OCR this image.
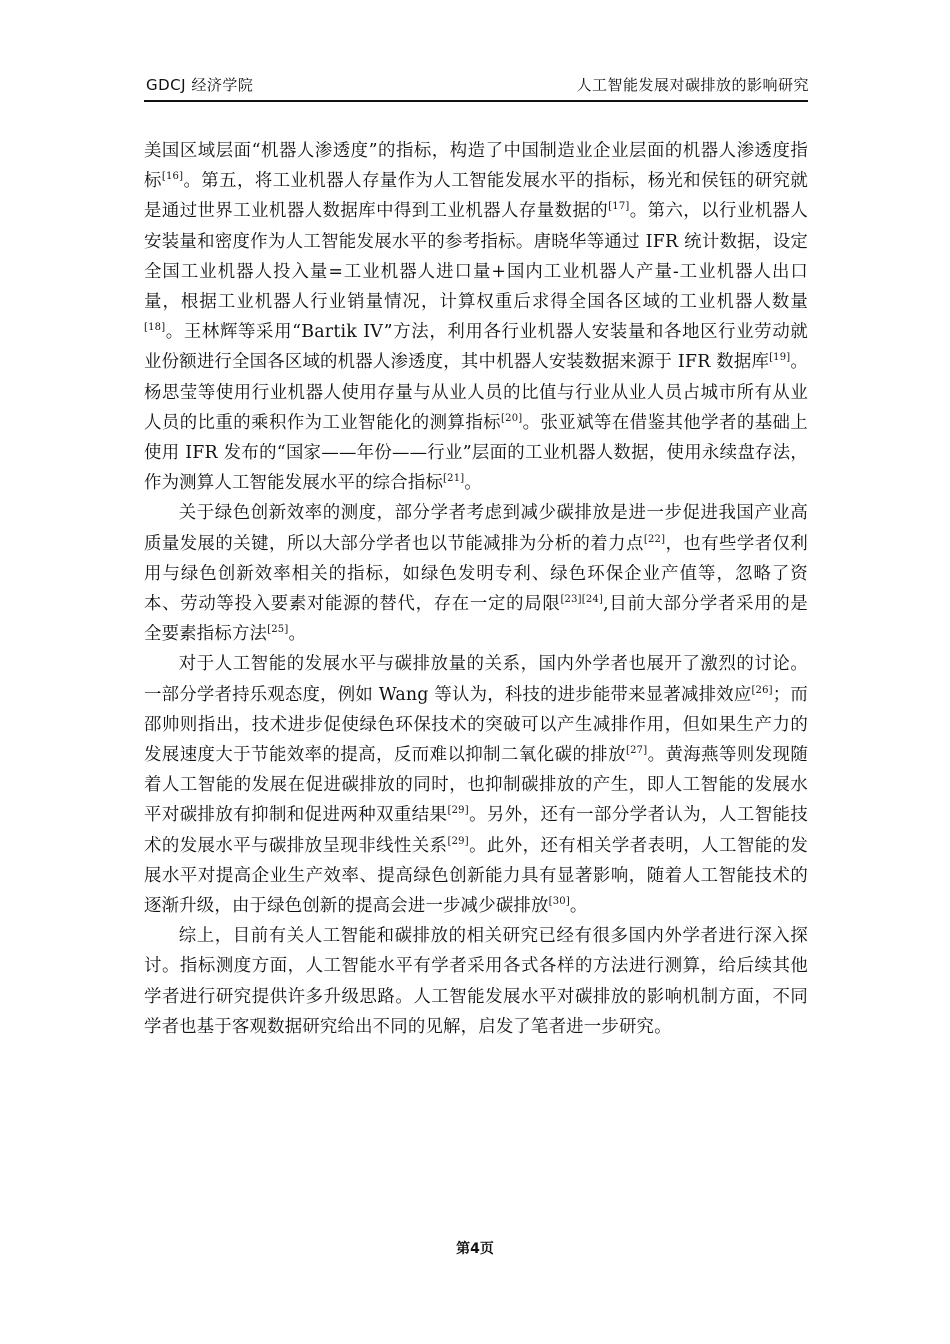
GDCJ 经济学院	人工智能发展对碳排放的影响研究

美国区域层面“机器人渗透度”的指标，构造了中国制造业企业层面的机器人渗透度指标[16]。第五，将工业机器人存量作为人工智能发展水平的指标，杨光和侯钰的研究就是通过世界工业机器人数据库中得到工业机器人存量数据的[17]。第六，以行业机器人安装量和密度作为人工智能发展水平的参考指标。唐晓华等通过 IFR 统计数据，设定全国工业机器人投入量=工业机器人进口量+国内工业机器人产量-工业机器人出口量，根据工业机器人行业销量情况，计算权重后求得全国各区域的工业机器人数量 [18]。王林辉等采用“Bartik IV”方法，利用各行业机器人安装量和各地区行业劳动就业份额进行全国各区域的机器人渗透度，其中机器人安装数据来源于 IFR 数据库[19]。杨思莹等使用行业机器人使用存量与从业人员的比值与行业从业人员占城市所有从业人员的比重的乘积作为工业智能化的测算指标[20]。张亚斌等在借鉴其他学者的基础上使用 IFR 发布的“国家——年份——行业”层面的工业机器人数据，使用永续盘存法，作为测算人工智能发展水平的综合指标[21]。

关于绿色创新效率的测度，部分学者考虑到减少碳排放是进一步促进我国产业高质量发展的关键，所以大部分学者也以节能减排为分析的着力点[22]，也有些学者仅利用与绿色创新效率相关的指标，如绿色发明专利、绿色环保企业产值等，忽略了资本、劳动等投入要素对能源的替代，存在一定的局限[23][24],目前大部分学者采用的是全要素指标方法[25]。

对于人工智能的发展水平与碳排放量的关系，国内外学者也展开了激烈的讨论。一部分学者持乐观态度，例如 Wang 等认为，科技的进步能带来显著减排效应[26]；而邵帅则指出，技术进步促使绿色环保技术的突破可以产生减排作用，但如果生产力的发展速度大于节能效率的提高，反而难以抑制二氧化碳的排放[27]。黄海燕等则发现随着人工智能的发展在促进碳排放的同时，也抑制碳排放的产生，即人工智能的发展水平对碳排放有抑制和促进两种双重结果[29]。另外，还有一部分学者认为，人工智能技术的发展水平与碳排放呈现非线性关系[29]。此外，还有相关学者表明，人工智能的发展水平对提高企业生产效率、提高绿色创新能力具有显著影响，随着人工智能技术的逐渐升级，由于绿色创新的提高会进一步减少碳排放[30]。

综上，目前有关人工智能和碳排放的相关研究已经有很多国内外学者进行深入探讨。指标测度方面，人工智能水平有学者采用各式各样的方法进行测算，给后续其他学者进行研究提供许多升级思路。人工智能发展水平对碳排放的影响机制方面，不同学者也基于客观数据研究给出不同的见解，启发了笔者进一步研究。

第4页
